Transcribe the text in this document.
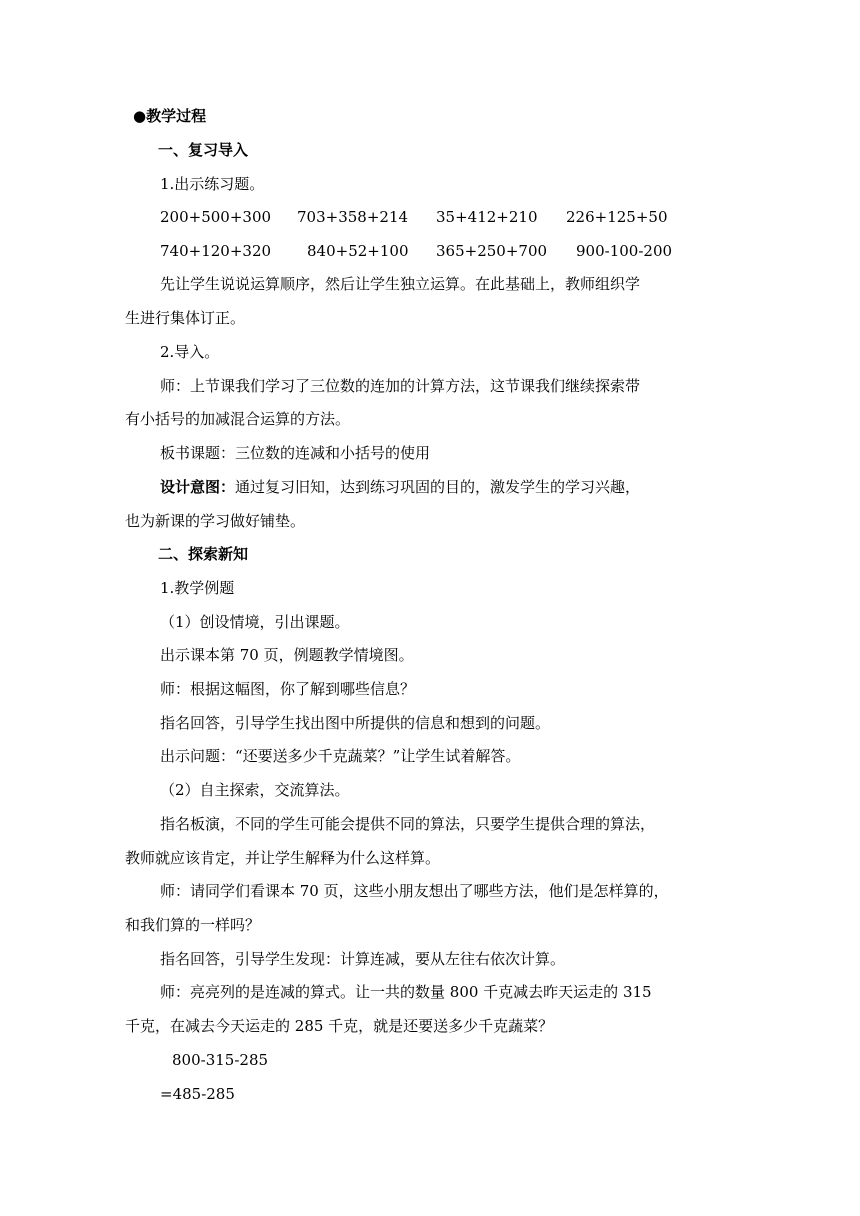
●教学过程
一、复习导入
1.出示练习题。
200+500+300 703+358+214 35+412+210 226+125+50
740+120+320 840+52+100 365+250+700 900-100-200
先让学生说说运算顺序，然后让学生独立运算。在此基础上，教师组织学
生进行集体订正。
2.导入。
师：上节课我们学习了三位数的连加的计算方法，这节课我们继续探索带
有小括号的加减混合运算的方法。
板书课题：三位数的连减和小括号的使用
设计意图：通过复习旧知，达到练习巩固的目的，激发学生的学习兴趣，
也为新课的学习做好铺垫。
二、探索新知
1.教学例题
（1）创设情境，引出课题。
出示课本第 70 页，例题教学情境图。
师：根据这幅图，你了解到哪些信息？
指名回答，引导学生找出图中所提供的信息和想到的问题。
出示问题：“还要送多少千克蔬菜？”让学生试着解答。
（2）自主探索，交流算法。
指名板演，不同的学生可能会提供不同的算法，只要学生提供合理的算法，
教师就应该肯定，并让学生解释为什么这样算。
师：请同学们看课本 70 页，这些小朋友想出了哪些方法，他们是怎样算的，
和我们算的一样吗？
指名回答，引导学生发现：计算连减，要从左往右依次计算。
师：亮亮列的是连减的算式。让一共的数量 800 千克减去昨天运走的 315
千克，在减去今天运走的 285 千克，就是还要送多少千克蔬菜？
800-315-285
=485-285
